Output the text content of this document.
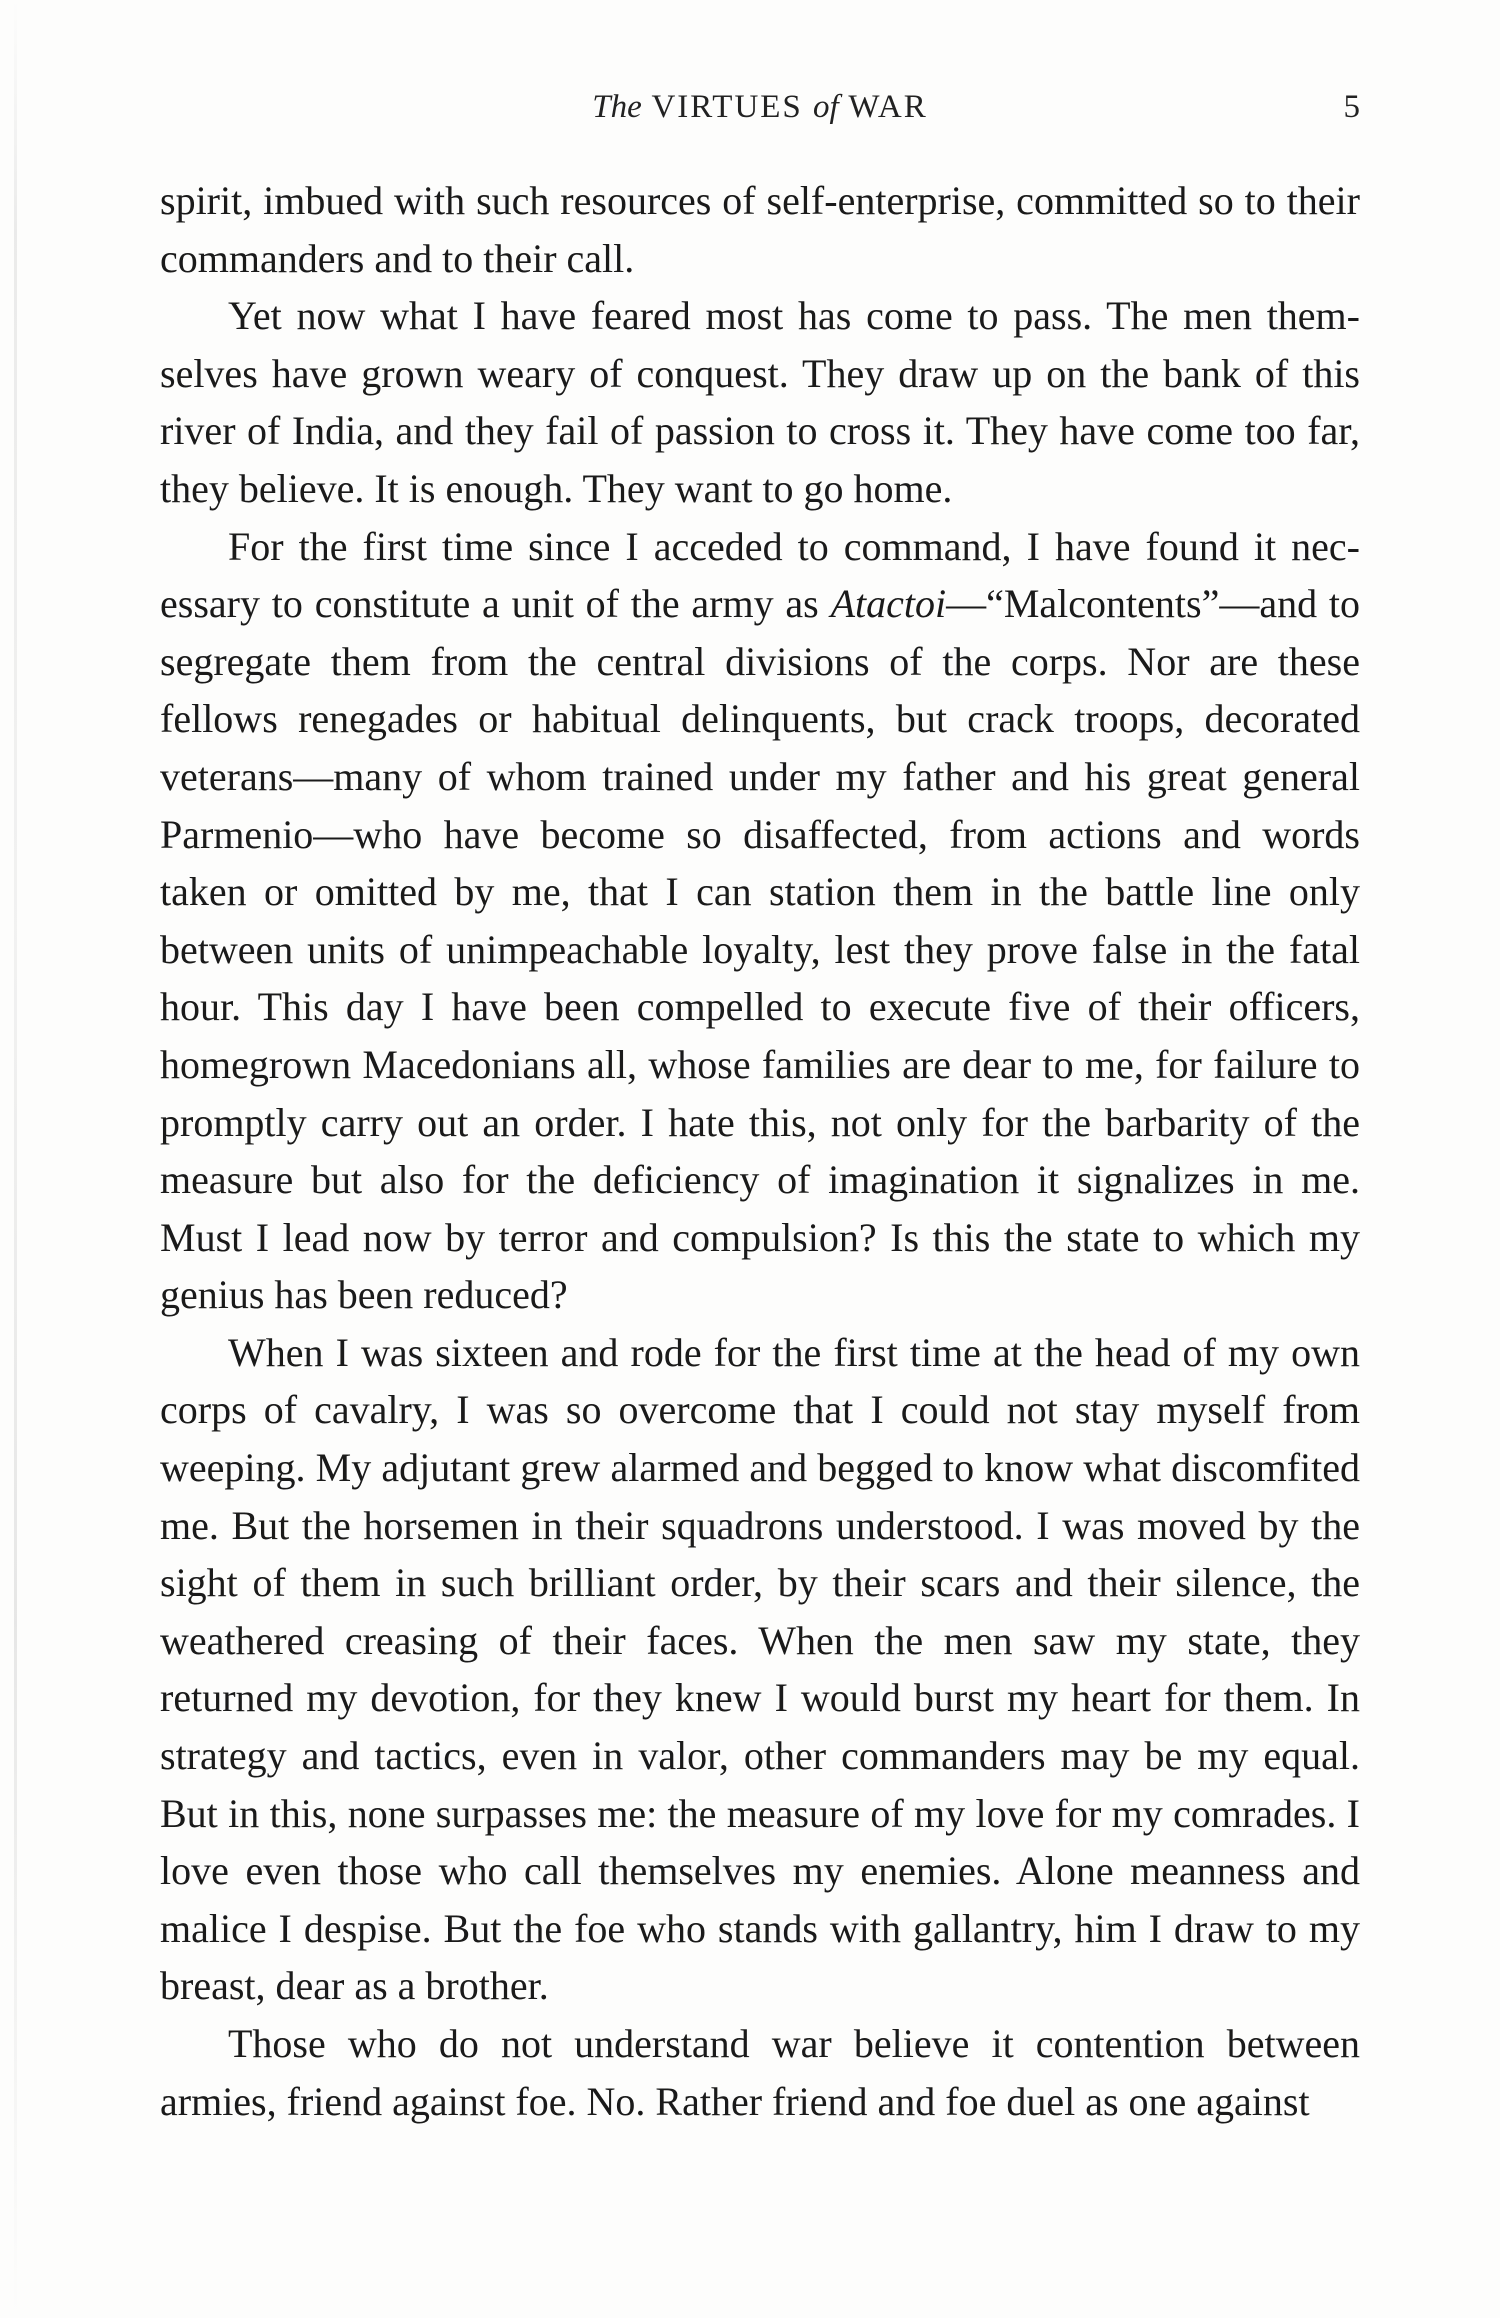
The VIRTUES of WAR	5

spirit, imbued with such resources of self-enterprise, committed so to their commanders and to their call.

Yet now what I have feared most has come to pass. The men themselves have grown weary of conquest. They draw up on the bank of this river of India, and they fail of passion to cross it. They have come too far, they believe. It is enough. They want to go home.

For the first time since I acceded to command, I have found it necessary to constitute a unit of the army as Atactoi—“Malcontents”—and to segregate them from the central divisions of the corps. Nor are these fellows renegades or habitual delinquents, but crack troops, decorated veterans—many of whom trained under my father and his great general Parmenio—who have become so disaffected, from actions and words taken or omitted by me, that I can station them in the battle line only between units of unimpeachable loyalty, lest they prove false in the fatal hour. This day I have been compelled to execute five of their officers, homegrown Macedonians all, whose families are dear to me, for failure to promptly carry out an order. I hate this, not only for the barbarity of the measure but also for the deficiency of imagination it signalizes in me. Must I lead now by terror and compulsion? Is this the state to which my genius has been reduced?

When I was sixteen and rode for the first time at the head of my own corps of cavalry, I was so overcome that I could not stay myself from weeping. My adjutant grew alarmed and begged to know what discomfited me. But the horsemen in their squadrons understood. I was moved by the sight of them in such brilliant order, by their scars and their silence, the weathered creasing of their faces. When the men saw my state, they returned my devotion, for they knew I would burst my heart for them. In strategy and tactics, even in valor, other commanders may be my equal. But in this, none surpasses me: the measure of my love for my comrades. I love even those who call themselves my enemies. Alone meanness and malice I despise. But the foe who stands with gallantry, him I draw to my breast, dear as a brother.

Those who do not understand war believe it contention between armies, friend against foe. No. Rather friend and foe duel as one against
